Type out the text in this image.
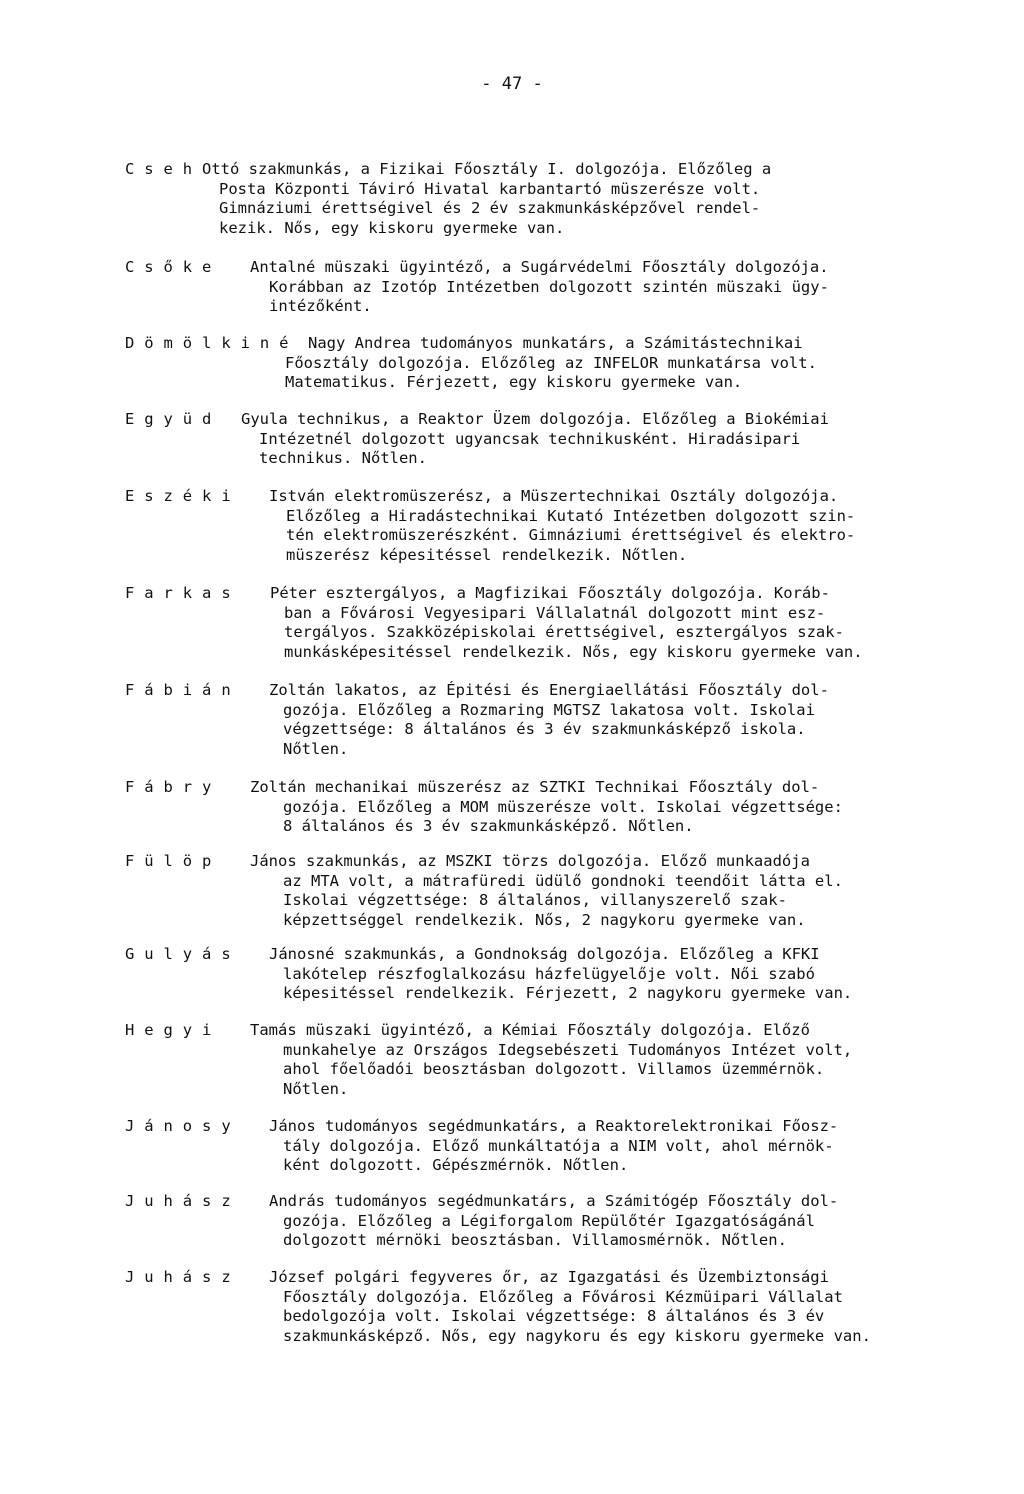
- 47 -
C s e h Ottó szakmunkás, a Fizikai Főosztály I. dolgozója. Előzőleg a
Posta Központi Táviró Hivatal karbantartó müszerésze volt.
Gimnáziumi érettségivel és 2 év szakmunkásképzővel rendel-
kezik. Nős, egy kiskoru gyermeke van.

C s ő k e Antalné müszaki ügyintéző, a Sugárvédelmi Főosztály dolgozója.
Korábban az Izotóp Intézetben dolgozott szintén müszaki ügy-
intézőként.

D ö m ö l k i n é Nagy Andrea tudományos munkatárs, a Számitástechnikai
Főosztály dolgozója. Előzőleg az INFELOR munkatársa volt.
Matematikus. Férjezett, egy kiskoru gyermeke van.

E g y ü d Gyula technikus, a Reaktor Üzem dolgozója. Előzőleg a Biokémiai
Intézetnél dolgozott ugyancsak technikusként. Hiradásipari
technikus. Nőtlen.

E s z é k i István elektromüszerész, a Müszertechnikai Osztály dolgozója.
Előzőleg a Hiradástechnikai Kutató Intézetben dolgozott szin-
tén elektromüszerészként. Gimnáziumi érettségivel és elektro-
müszerész képesitéssel rendelkezik. Nőtlen.

F a r k a s	Péter esztergályos, a Magfizikai Főosztály dolgozója. Koráb-
ban a Fővárosi Vegyesipari Vállalatnál dolgozott mint esz-
tergályos. Szakközépiskolai érettségivel, esztergályos szak-
munkásképesitéssel rendelkezik. Nős, egy kiskoru gyermeke van.

F á b i á n Zoltán lakatos, az Épitési és Energiaellátási Főosztály dol-
gozója. Előzőleg a Rozmaring MGTSZ lakatosa volt. Iskolai
végzettsége: 8 általános és 3 év szakmunkásképző iskola.
Nőtlen.

F á b r y Zoltán mechanikai müszerész az SZTKI Technikai Főosztály dol-
gozója. Előzőleg a MOM müszerésze volt. Iskolai végzettsége:
8 általános és 3 év szakmunkásképző. Nőtlen.

F ü l ö p János szakmunkás, az MSZKI törzs dolgozója. Előző munkaadója
az MTA volt, a mátrafüredi üdülő gondnoki teendőit látta el.
Iskolai végzettsége: 8 általános, villanyszerelő szak-
képzettséggel rendelkezik. Nős, 2 nagykoru gyermeke van.

G u l y á s Jánosné szakmunkás, a Gondnokság dolgozója. Előzőleg a KFKI
lakótelep részfoglalkozásu házfelügyelője volt. Női szabó
képesitéssel rendelkezik. Férjezett, 2 nagykoru gyermeke van.

H e g y i Tamás müszaki ügyintéző, a Kémiai Főosztály dolgozója. Előző
munkahelye az Országos Idegsebészeti Tudományos Intézet volt,
ahol főelőadói beosztásban dolgozott. Villamos üzemmérnök.
Nőtlen.

J á n o s y János tudományos segédmunkatárs, a Reaktorelektronikai Főosz-
tály dolgozója. Előző munkáltatója a NIM volt, ahol mérnök-
ként dolgozott. Gépészmérnök. Nőtlen.

J u h á s z András tudományos segédmunkatárs, a Számitógép Főosztály dol-
gozója. Előzőleg a Légiforgalom Repülőtér Igazgatóságánál
dolgozott mérnöki beosztásban. Villamosmérnök. Nőtlen.

J u h á s z József polgári fegyveres őr, az Igazgatási és Üzembiztonsági
Főosztály dolgozója. Előzőleg a Fővárosi Kézmüipari Vállalat
bedolgozója volt. Iskolai végzettsége: 8 általános és 3 év
szakmunkásképző. Nős, egy nagykoru és egy kiskoru gyermeke van.
